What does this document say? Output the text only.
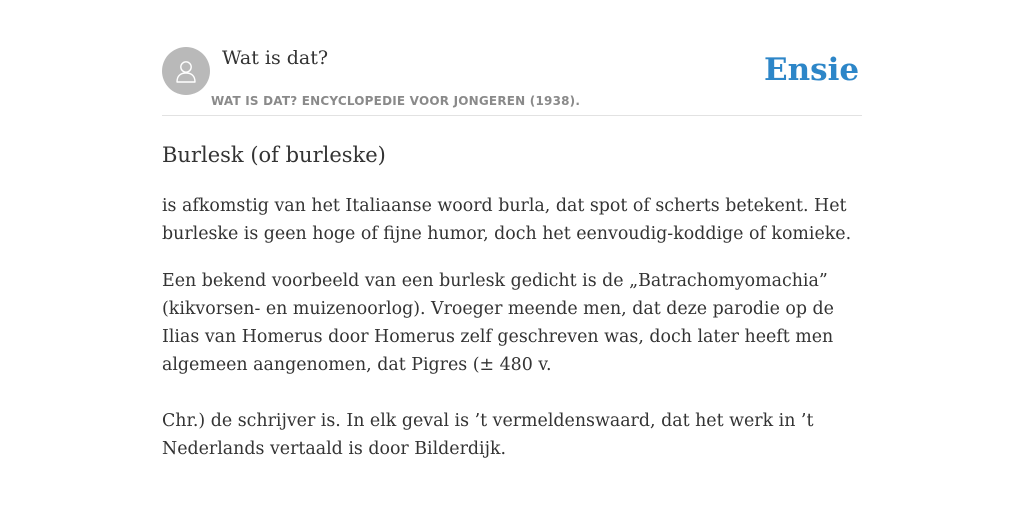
Wat is dat?
WAT IS DAT? ENCYCLOPEDIE VOOR JONGEREN (1938).
Ensie
Burlesk (of burleske)

is afkomstig van het Italiaanse woord burla, dat spot of scherts betekent. Het burleske is geen hoge of fijne humor, doch het eenvoudig-koddige of komieke.

Een bekend voorbeeld van een burlesk gedicht is de „Batrachomyomachia” (kikvorsen- en muizenoorlog). Vroeger meende men, dat deze parodie op de Ilias van Homerus door Homerus zelf geschreven was, doch later heeft men algemeen aangenomen, dat Pigres (± 480 v.

Chr.) de schrijver is. In elk geval is ’t vermeldenswaard, dat het werk in ’t Nederlands vertaald is door Bilderdijk.
